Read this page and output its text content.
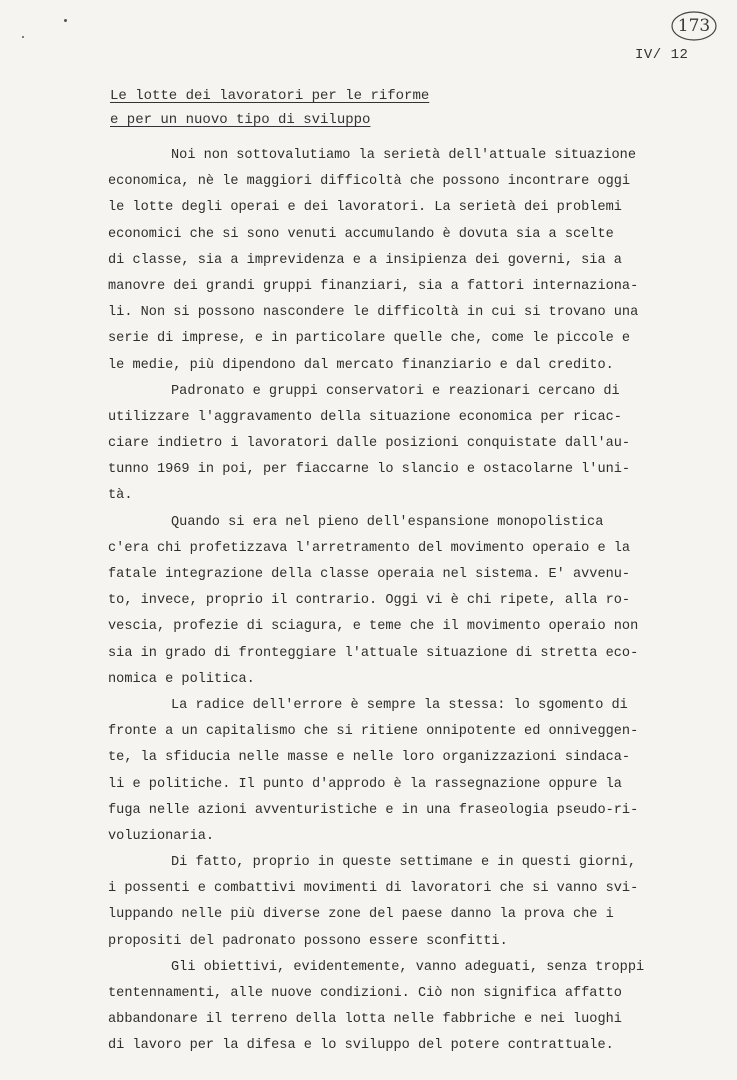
173
IV/ 12
Le lotte dei lavoratori per le riforme
e per un nuovo tipo di sviluppo
Noi non sottovalutiamo la serietà dell'attuale situazione
economica, nè le maggiori difficoltà che possono incontrare oggi
le lotte degli operai e dei lavoratori. La serietà dei problemi
economici che si sono venuti accumulando è dovuta sia a scelte
di classe, sia a imprevidenza e a insipienza dei governi, sia a
manovre dei grandi gruppi finanziari, sia a fattori internaziona-
li. Non si possono nascondere le difficoltà in cui si trovano una
serie di imprese, e in particolare quelle che, come le piccole e
le medie, più dipendono dal mercato finanziario e dal credito.
Padronato e gruppi conservatori e reazionari cercano di
utilizzare l'aggravamento della situazione economica per ricac-
ciare indietro i lavoratori dalle posizioni conquistate dall'au-
tunno 1969 in poi, per fiaccarne lo slancio e ostacolarne l'uni-
tà.
Quando si era nel pieno dell'espansione monopolistica
c'era chi profetizzava l'arretramento del movimento operaio e la
fatale integrazione della classe operaia nel sistema. E' avvenu-
to, invece, proprio il contrario. Oggi vi è chi ripete, alla ro-
vescia, profezie di sciagura, e teme che il movimento operaio non
sia in grado di fronteggiare l'attuale situazione di stretta eco-
nomica e politica.
La radice dell'errore è sempre la stessa: lo sgomento di
fronte a un capitalismo che si ritiene onnipotente ed onniveggen-
te, la sfiducia nelle masse e nelle loro organizzazioni sindaca-
li e politiche. Il punto d'approdo è la rassegnazione oppure la
fuga nelle azioni avventuristiche e in una fraseologia pseudo-ri-
voluzionaria.
Di fatto, proprio in queste settimane e in questi giorni,
i possenti e combattivi movimenti di lavoratori che si vanno svi-
luppando nelle più diverse zone del paese danno la prova che i
propositi del padronato possono essere sconfitti.
Gli obiettivi, evidentemente, vanno adeguati, senza troppi
tentennamenti, alle nuove condizioni. Ciò non significa affatto
abbandonare il terreno della lotta nelle fabbriche e nei luoghi
di lavoro per la difesa e lo sviluppo del potere contrattuale.
